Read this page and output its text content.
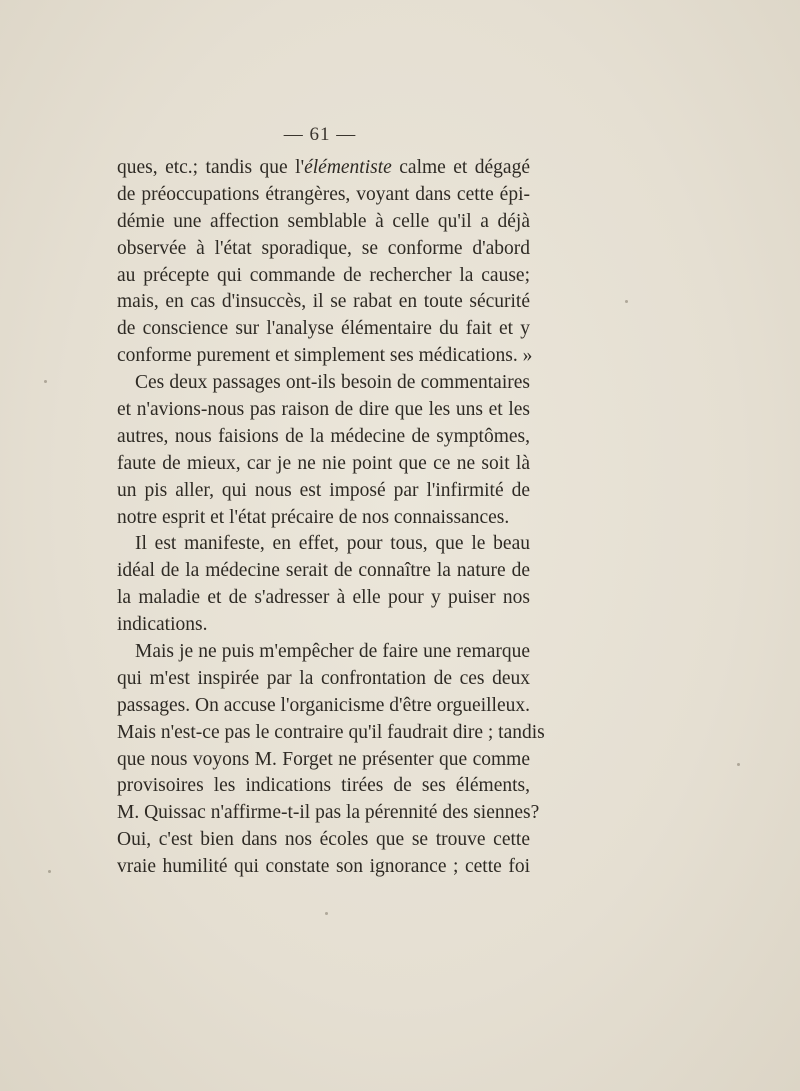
— 61 —
ques, etc.; tandis que l'élémentiste calme et dégagé
de préoccupations étrangères, voyant dans cette épi-
démie une affection semblable à celle qu'il a déjà
observée à l'état sporadique, se conforme d'abord
au précepte qui commande de rechercher la cause;
mais, en cas d'insuccès, il se rabat en toute sécurité
de conscience sur l'analyse élémentaire du fait et y
conforme purement et simplement ses médications. »
Ces deux passages ont-ils besoin de commentaires
et n'avions-nous pas raison de dire que les uns et les
autres, nous faisions de la médecine de symptômes,
faute de mieux, car je ne nie point que ce ne soit là
un pis aller, qui nous est imposé par l'infirmité de
notre esprit et l'état précaire de nos connaissances.
Il est manifeste, en effet, pour tous, que le beau
idéal de la médecine serait de connaître la nature de
la maladie et de s'adresser à elle pour y puiser nos
indications.
Mais je ne puis m'empêcher de faire une remarque
qui m'est inspirée par la confrontation de ces deux
passages. On accuse l'organicisme d'être orgueilleux.
Mais n'est-ce pas le contraire qu'il faudrait dire ; tandis
que nous voyons M. Forget ne présenter que comme
provisoires les indications tirées de ses éléments,
M. Quissac n'affirme-t-il pas la pérennité des siennes?
Oui, c'est bien dans nos écoles que se trouve cette
vraie humilité qui constate son ignorance ; cette foi
